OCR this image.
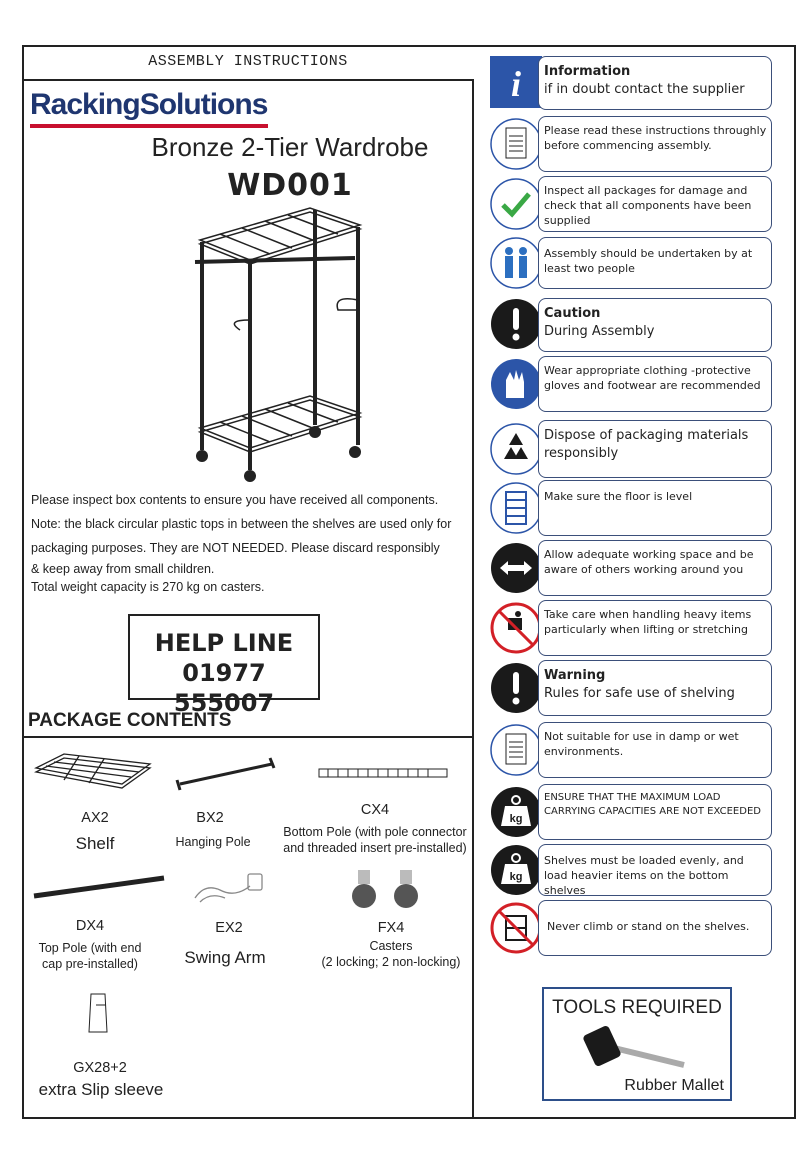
ASSEMBLY INSTRUCTIONS
RackingSolutions
Bronze 2-Tier Wardrobe
WD001

Please inspect box contents to ensure you have received all components.

Note: the black circular plastic tops in between the shelves are used only for

packaging purposes. They are NOT NEEDED. Please discard responsibly

& keep away from small children.

Total weight capacity is 270 kg on casters.

HELP LINE
01977 555007
PACKAGE CONTENTS
AX2
Shelf
BX2
Hanging Pole
CX4
Bottom Pole (with pole connector
and threaded insert pre-installed)
DX4
Top Pole (with end
cap pre-installed)
EX2
Swing Arm
FX4
Casters
(2 locking; 2 non-locking)
GX28+2
extra Slip sleeve
i Information
if in doubt contact the supplier
Please read these instructions throughly before commencing assembly.
Inspect all packages for damage and check that all components have been supplied
Assembly should be undertaken by at least two people
Caution
During Assembly
Wear appropriate clothing -protective gloves and footwear are recommended
Dispose of packaging materials responsibly
Make sure the floor is level
Allow adequate working space and be aware of others working around you
Take care when handling heavy items particularly when lifting or stretching
Warning
Rules for safe use of shelving
Not suitable for use in damp or wet environments.
kg
ENSURE THAT THE MAXIMUM LOAD CARRYING CAPACITIES ARE NOT EXCEEDED
kg
Shelves must be loaded evenly, and load heavier items on the bottom shelves
Never climb or stand on the shelves.
TOOLS REQUIRED
Rubber Mallet
